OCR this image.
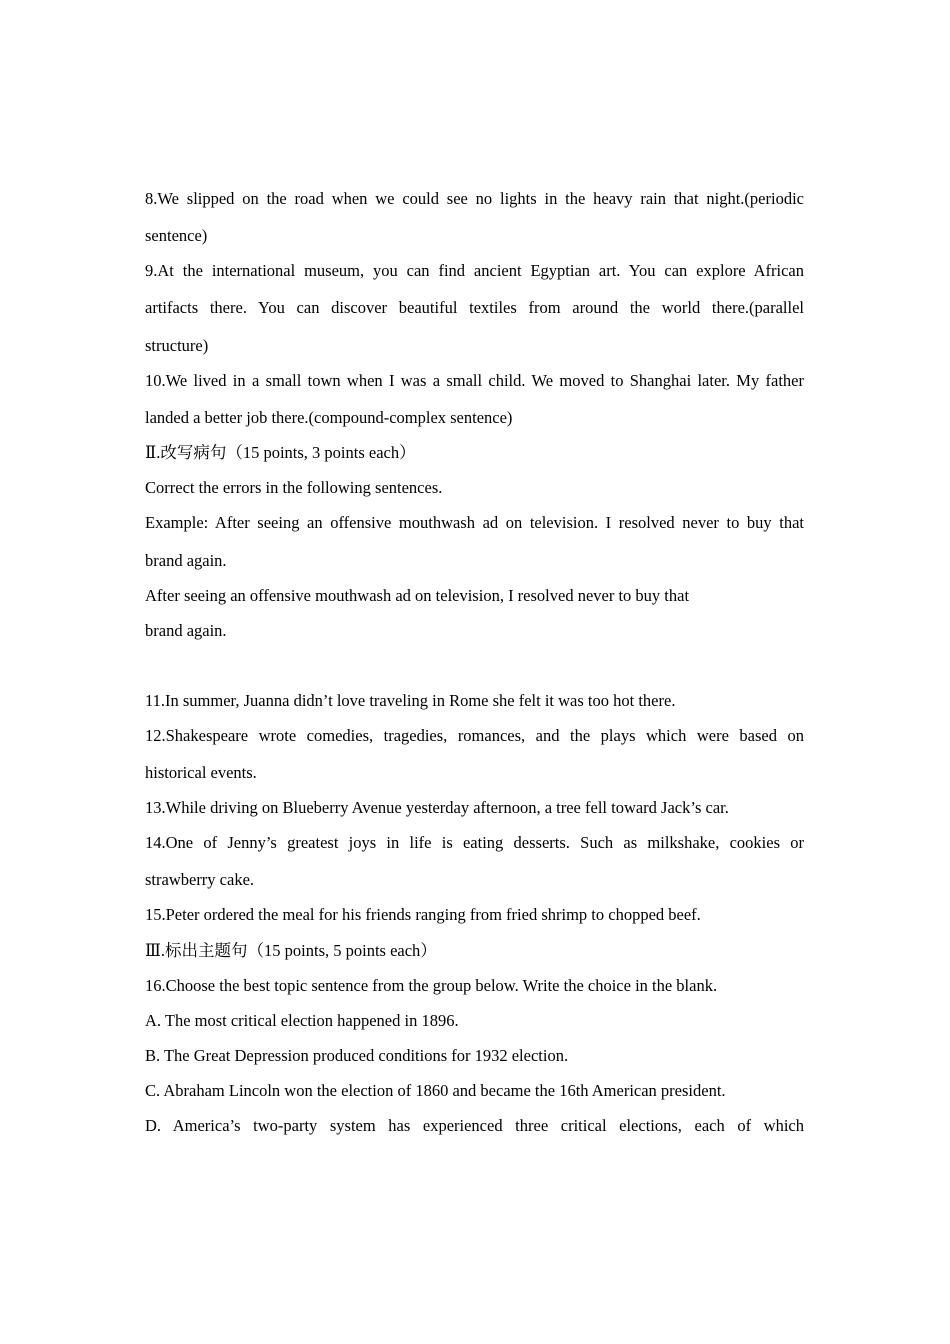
8.We slipped on the road when we could see no lights in the heavy rain that night.(periodic

sentence)

9.At the international museum, you can find ancient Egyptian art. You can explore African

artifacts there. You can discover beautiful textiles from around the world there.(parallel

structure)

10.We lived in a small town when I was a small child. We moved to Shanghai later. My father

landed a better job there.(compound-complex sentence)

Ⅱ.改写病句（15 points, 3 points each）

Correct the errors in the following sentences.

Example: After seeing an offensive mouthwash ad on television. I resolved never to buy that

brand again.

After seeing an offensive mouthwash ad on television, I resolved never to buy that

brand again.

11.In summer, Juanna didn’t love traveling in Rome she felt it was too hot there.

12.Shakespeare wrote comedies, tragedies, romances, and the plays which were based on

historical events.

13.While driving on Blueberry Avenue yesterday afternoon, a tree fell toward Jack’s car.

14.One of Jenny’s greatest joys in life is eating desserts. Such as milkshake, cookies or

strawberry cake.

15.Peter ordered the meal for his friends ranging from fried shrimp to chopped beef.

Ⅲ.标出主题句（15 points, 5 points each）

16.Choose the best topic sentence from the group below. Write the choice in the blank.

A. The most critical election happened in 1896.

B. The Great Depression produced conditions for 1932 election.

C. Abraham Lincoln won the election of 1860 and became the 16th American president.

D. America’s two-party system has experienced three critical elections, each of which
